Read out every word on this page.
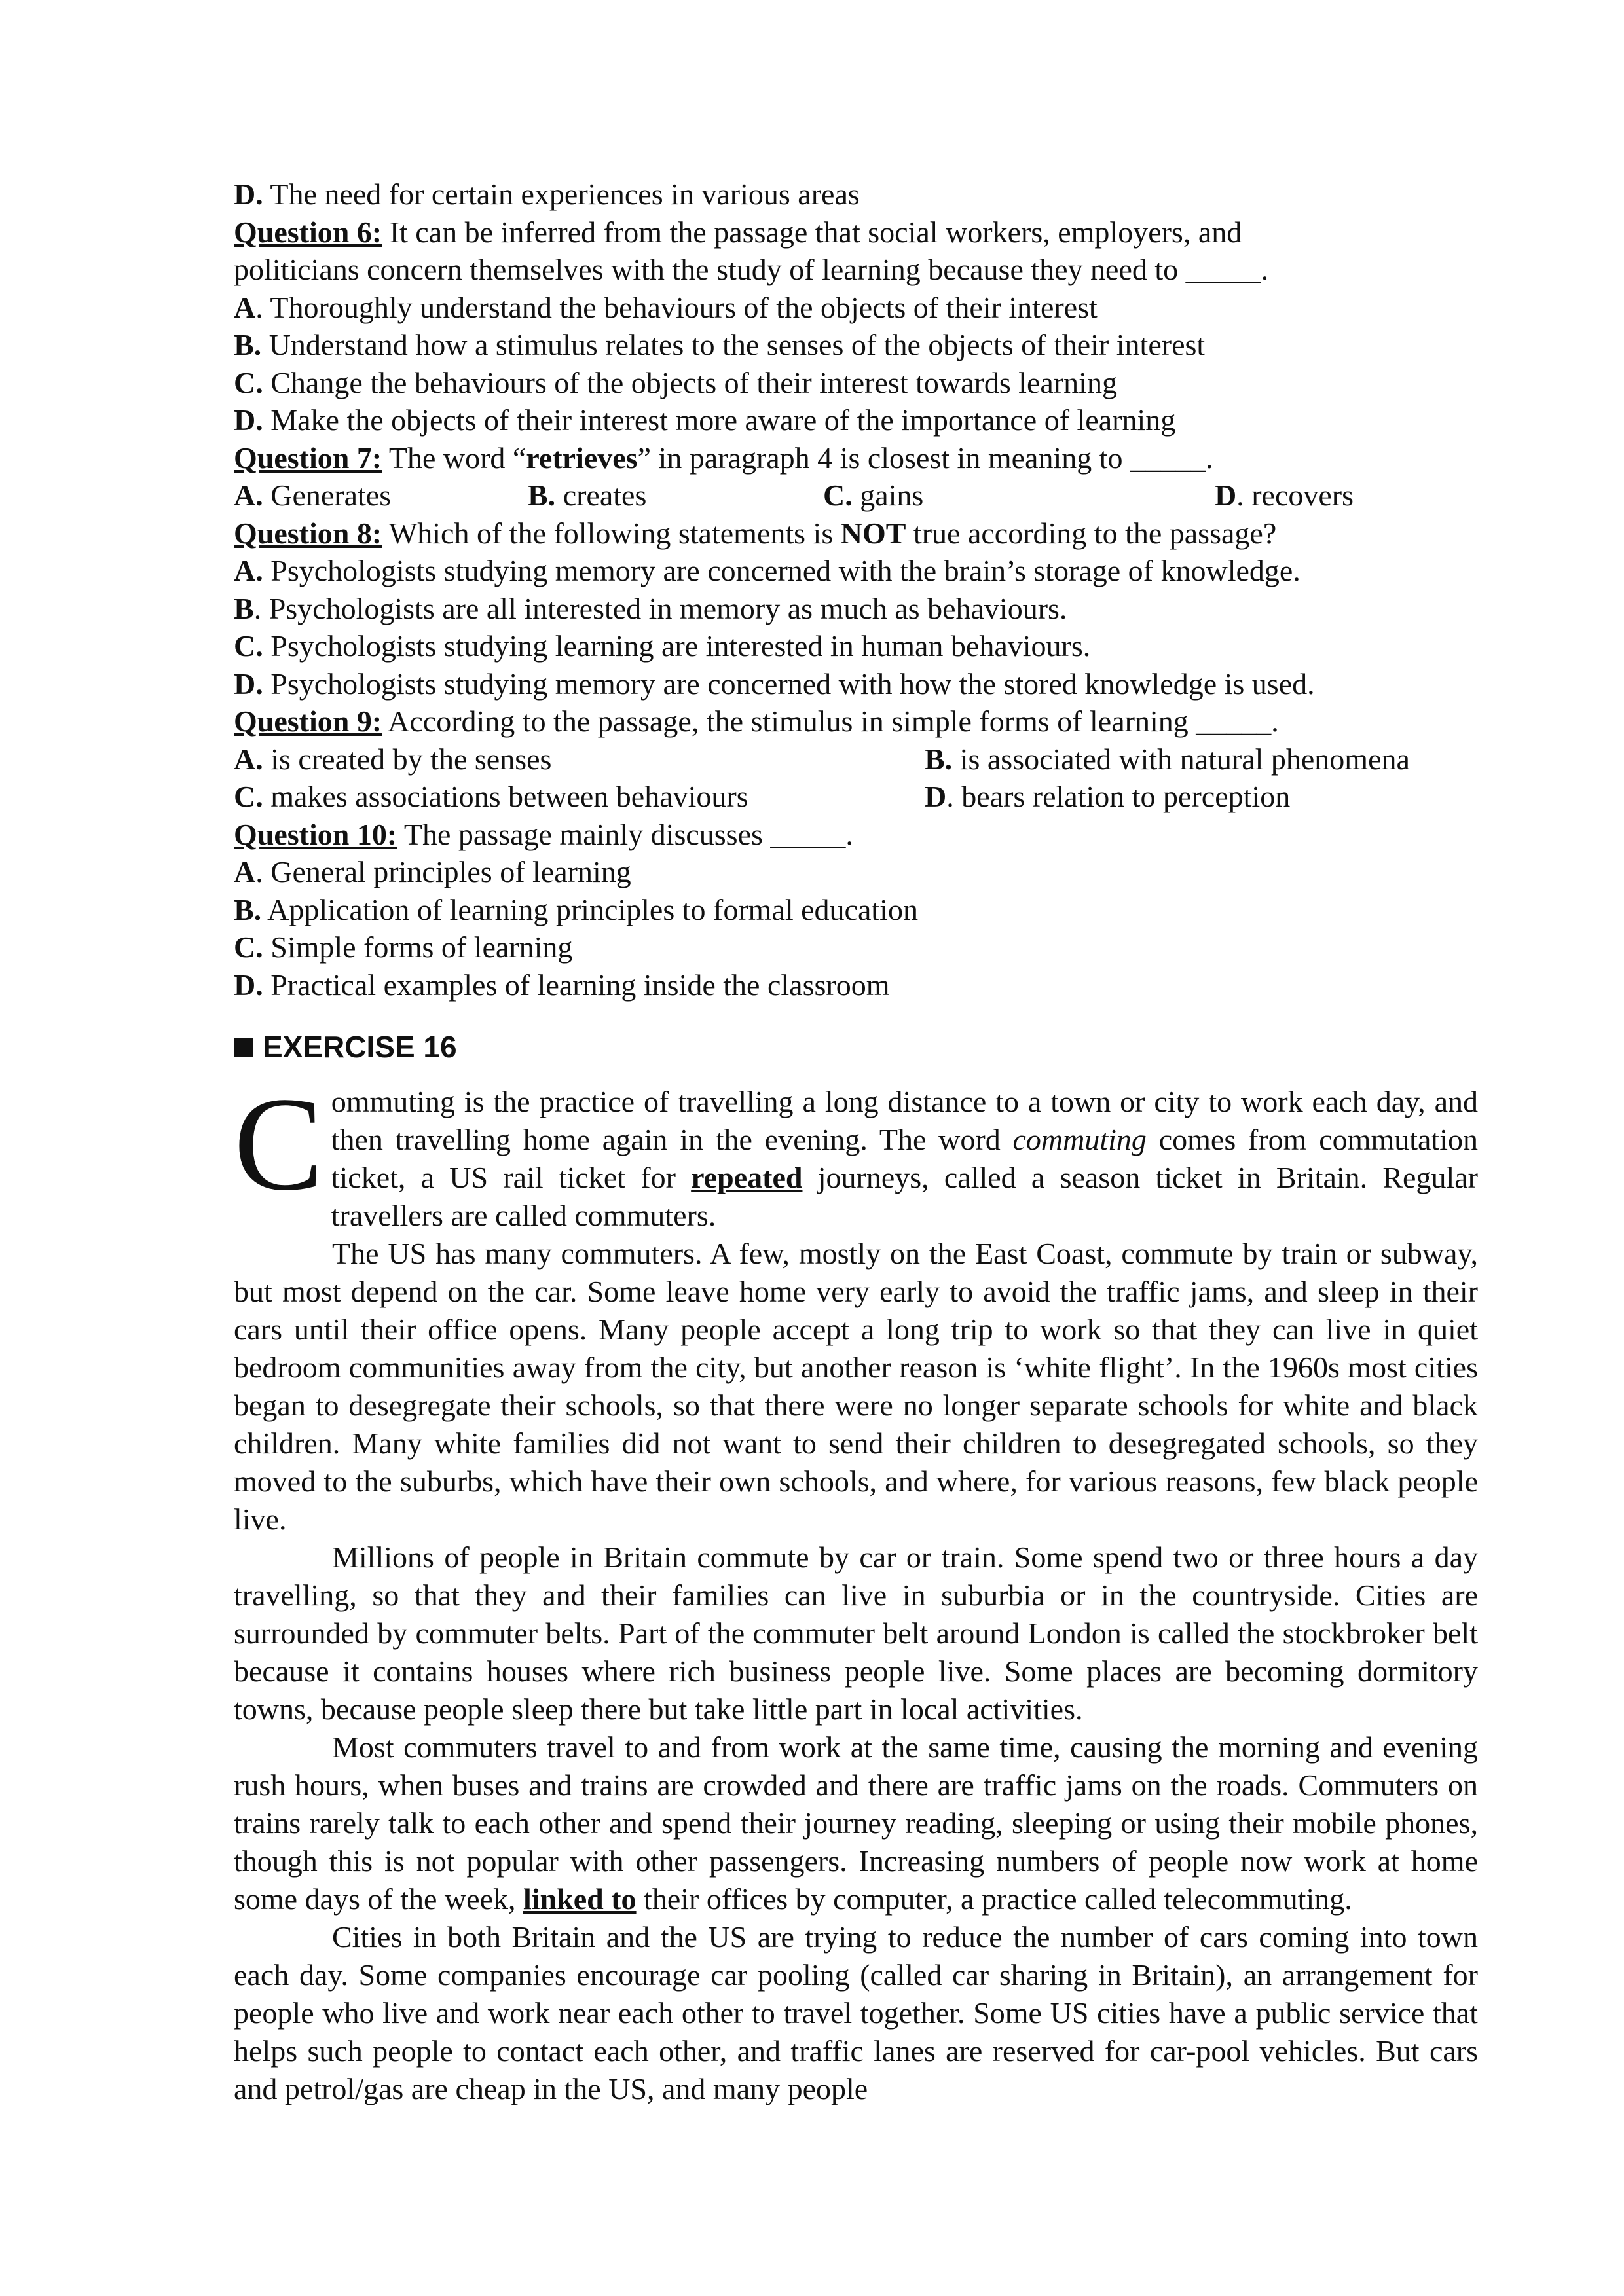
D. The need for certain experiences in various areas
Question 6: It can be inferred from the passage that social workers, employers, and
politicians concern themselves with the study of learning because they need to _____.
A. Thoroughly understand the behaviours of the objects of their interest
B. Understand how a stimulus relates to the senses of the objects of their interest
C. Change the behaviours of the objects of their interest towards learning
D. Make the objects of their interest more aware of the importance of learning
Question 7: The word “retrieves” in paragraph 4 is closest in meaning to _____.
A. Generates	B. creates	C. gains	D. recovers
Question 8: Which of the following statements is NOT true according to the passage?
A. Psychologists studying memory are concerned with the brain’s storage of knowledge.
B. Psychologists are all interested in memory as much as behaviours.
C. Psychologists studying learning are interested in human behaviours.
D. Psychologists studying memory are concerned with how the stored knowledge is used.
Question 9: According to the passage, the stimulus in simple forms of learning _____.
A. is created by the senses	B. is associated with natural phenomena
C. makes associations between behaviours	D. bears relation to perception
Question 10: The passage mainly discusses _____.
A. General principles of learning
B. Application of learning principles to formal education
C. Simple forms of learning
D. Practical examples of learning inside the classroom
EXERCISE 16
Commuting is the practice of travelling a long distance to a town or city to work each day, and then travelling home again in the evening. The word commuting comes from commutation ticket, a US rail ticket for repeated journeys, called a season ticket in Britain. Regular travellers are called commuters.
The US has many commuters. A few, mostly on the East Coast, commute by train or subway, but most depend on the car. Some leave home very early to avoid the traffic jams, and sleep in their cars until their office opens. Many people accept a long trip to work so that they can live in quiet bedroom communities away from the city, but another reason is ‘white flight’. In the 1960s most cities began to desegregate their schools, so that there were no longer separate schools for white and black children. Many white families did not want to send their children to desegregated schools, so they moved to the suburbs, which have their own schools, and where, for various reasons, few black people live.
Millions of people in Britain commute by car or train. Some spend two or three hours a day travelling, so that they and their families can live in suburbia or in the countryside. Cities are surrounded by commuter belts. Part of the commuter belt around London is called the stockbroker belt because it contains houses where rich business people live. Some places are becoming dormitory towns, because people sleep there but take little part in local activities.
Most commuters travel to and from work at the same time, causing the morning and evening rush hours, when buses and trains are crowded and there are traffic jams on the roads. Commuters on trains rarely talk to each other and spend their journey reading, sleeping or using their mobile phones, though this is not popular with other passengers. Increasing numbers of people now work at home some days of the week, linked to their offices by computer, a practice called telecommuting.
Cities in both Britain and the US are trying to reduce the number of cars coming into town each day. Some companies encourage car pooling (called car sharing in Britain), an arrangement for people who live and work near each other to travel together. Some US cities have a public service that helps such people to contact each other, and traffic lanes are reserved for car-pool vehicles. But cars and petrol/gas are cheap in the US, and many people
